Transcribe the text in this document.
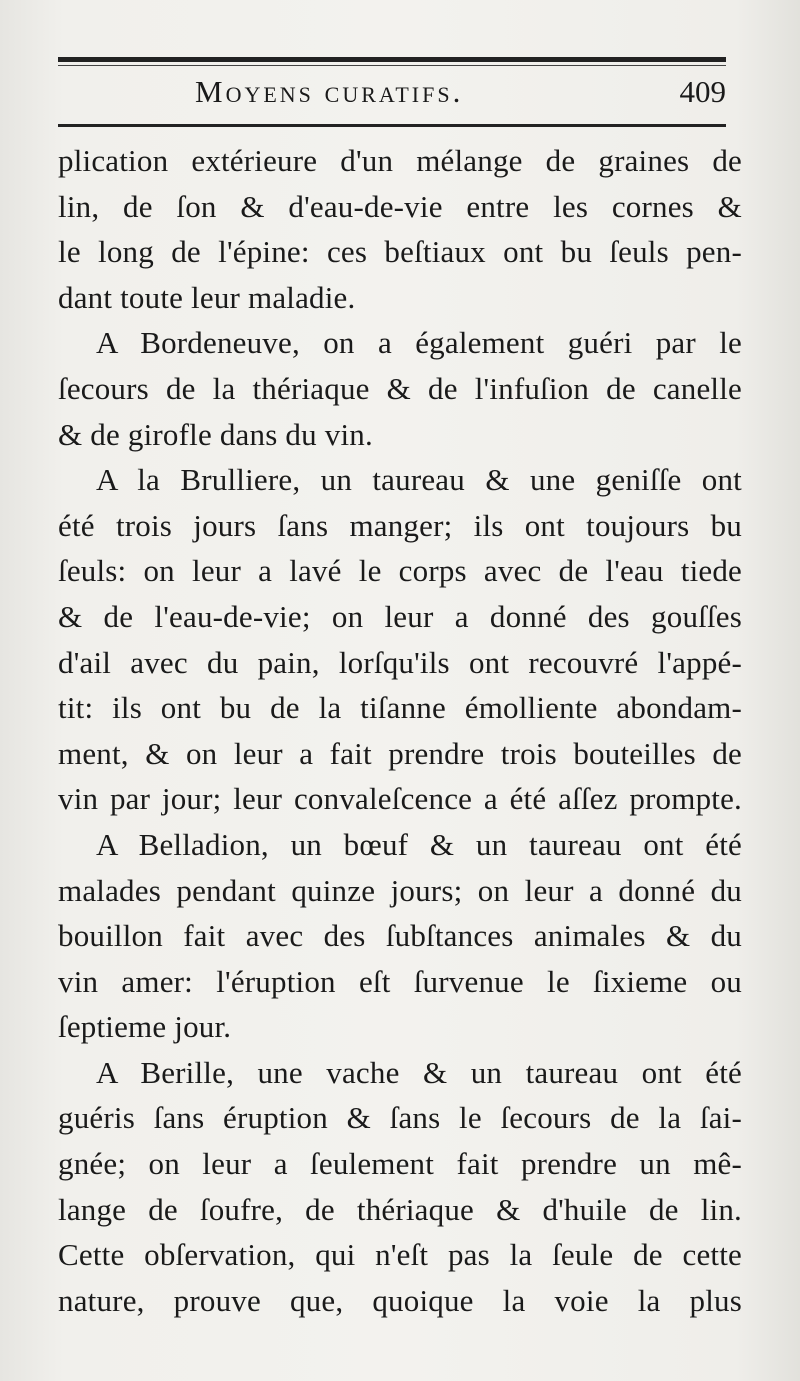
Moyens curatifs.	409
plication extérieure d'un mélange de graines de
lin, de ſon & d'eau-de-vie entre les cornes &
le long de l'épine: ces beſtiaux ont bu ſeuls pen-
dant toute leur maladie.
A Bordeneuve, on a également guéri par le
ſecours de la thériaque & de l'infuſion de canelle
& de girofle dans du vin.
A la Brulliere, un taureau & une geniſſe ont
été trois jours ſans manger; ils ont toujours bu
ſeuls: on leur a lavé le corps avec de l'eau tiede
& de l'eau-de-vie; on leur a donné des gouſſes
d'ail avec du pain, lorſqu'ils ont recouvré l'appé-
tit: ils ont bu de la tiſanne émolliente abondam-
ment, & on leur a fait prendre trois bouteilles de
vin par jour; leur convaleſcence a été aſſez prompte.
A Belladion, un bœuf & un taureau ont été
malades pendant quinze jours; on leur a donné du
bouillon fait avec des ſubſtances animales & du
vin amer: l'éruption eſt ſurvenue le ſixieme ou
ſeptieme jour.
A Berille, une vache & un taureau ont été
guéris ſans éruption & ſans le ſecours de la ſai-
gnée; on leur a ſeulement fait prendre un mê-
lange de ſoufre, de thériaque & d'huile de lin.
Cette obſervation, qui n'eſt pas la ſeule de cette
nature, prouve que, quoique la voie la plus
